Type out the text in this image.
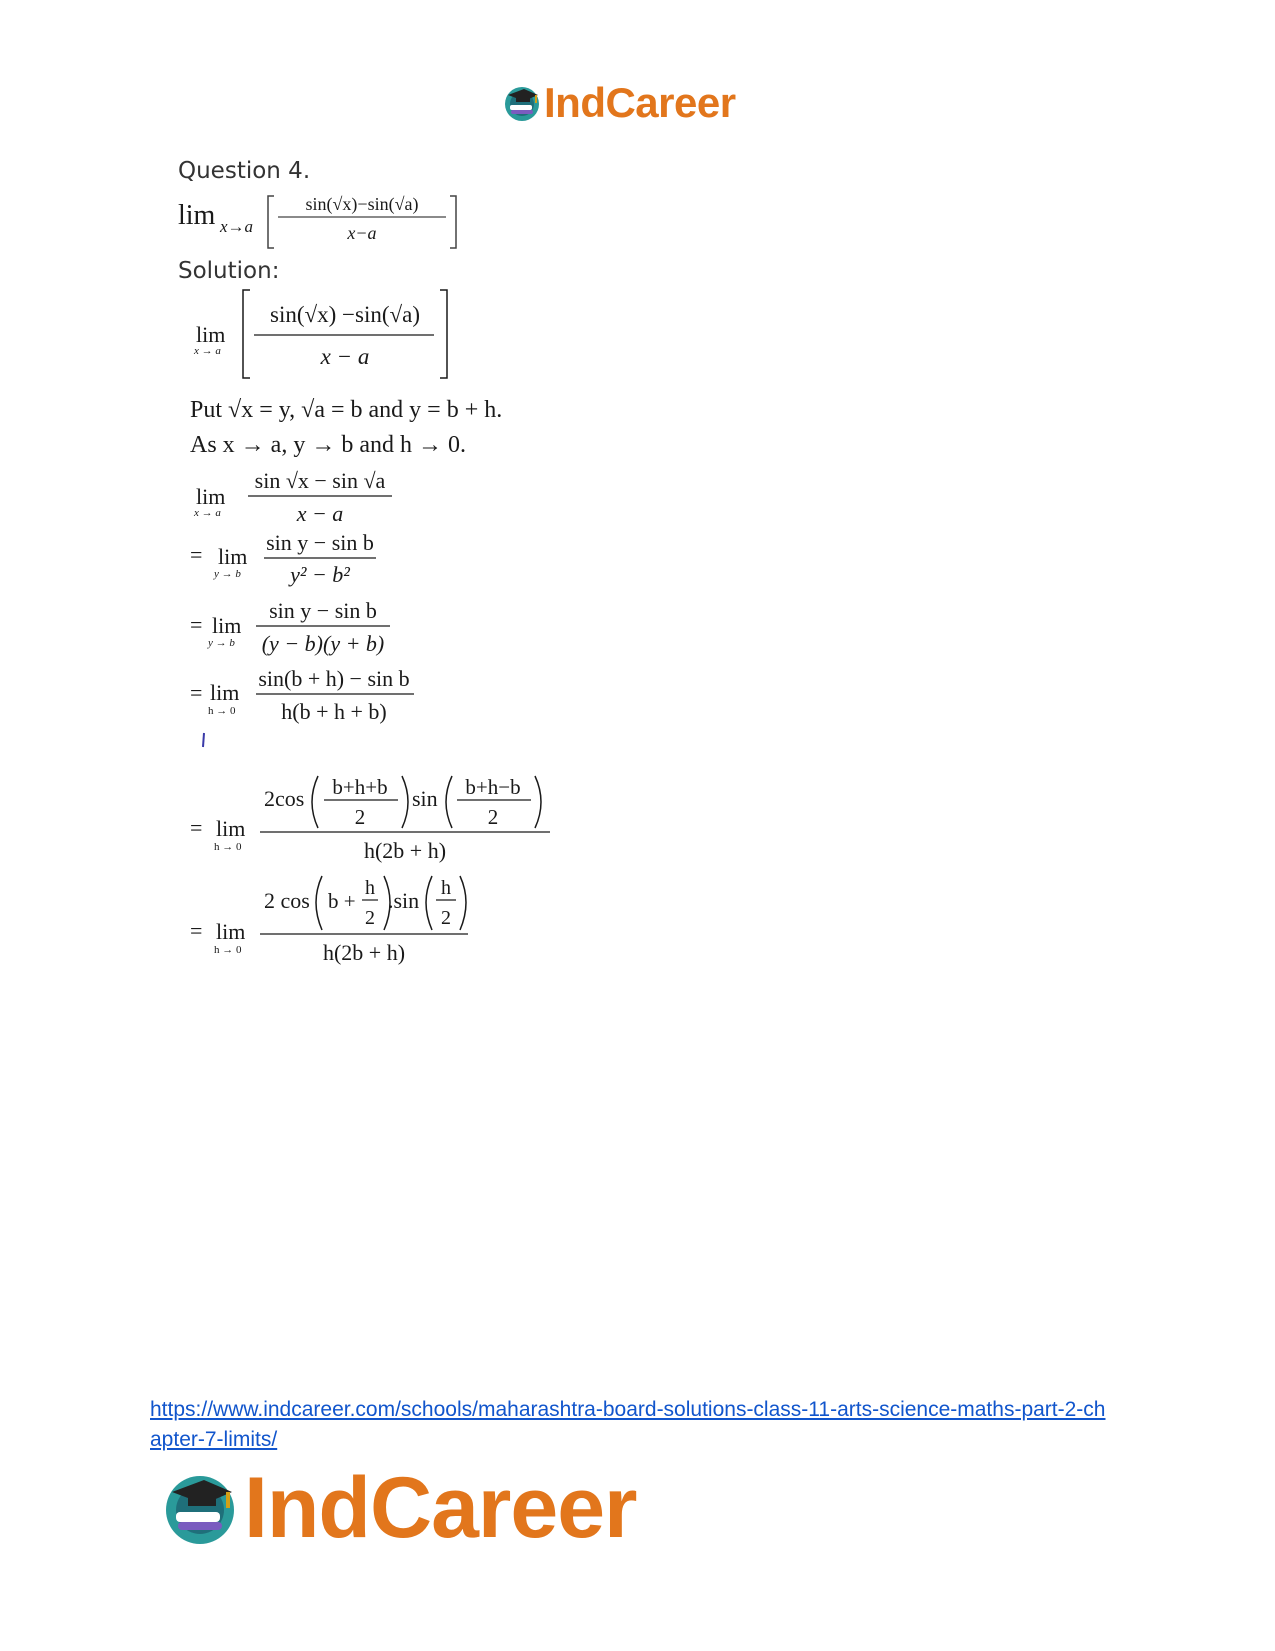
IndCareer
Question 4.
lim x→a
sin(√x)−sin(√a)
x−a
Solution:
lim
x → a
sin(√x) −sin(√a)
x − a
Put √x = y, √a = b and y = b + h.
As x → a, y → b and h → 0.
lim
x → a
sin √x − sin √a
x − a
= lim
y → b
sin y − sin b
y² − b²
= lim
y → b
sin y − sin b
(y − b)(y + b)
= lim
h → 0
sin(b + h) − sin b
h(b + h + b)
= lim
h → 0
2cos b+h+b
2
sin b+h−b
2
h(2b + h)
= lim
h → 0
2 cos b +
h
2
.sin h
2
h(2b + h)
https://www.indcareer.com/schools/maharashtra-board-solutions-class-11-arts-science-maths-part-2-chapter-7-limits/
IndCareer
